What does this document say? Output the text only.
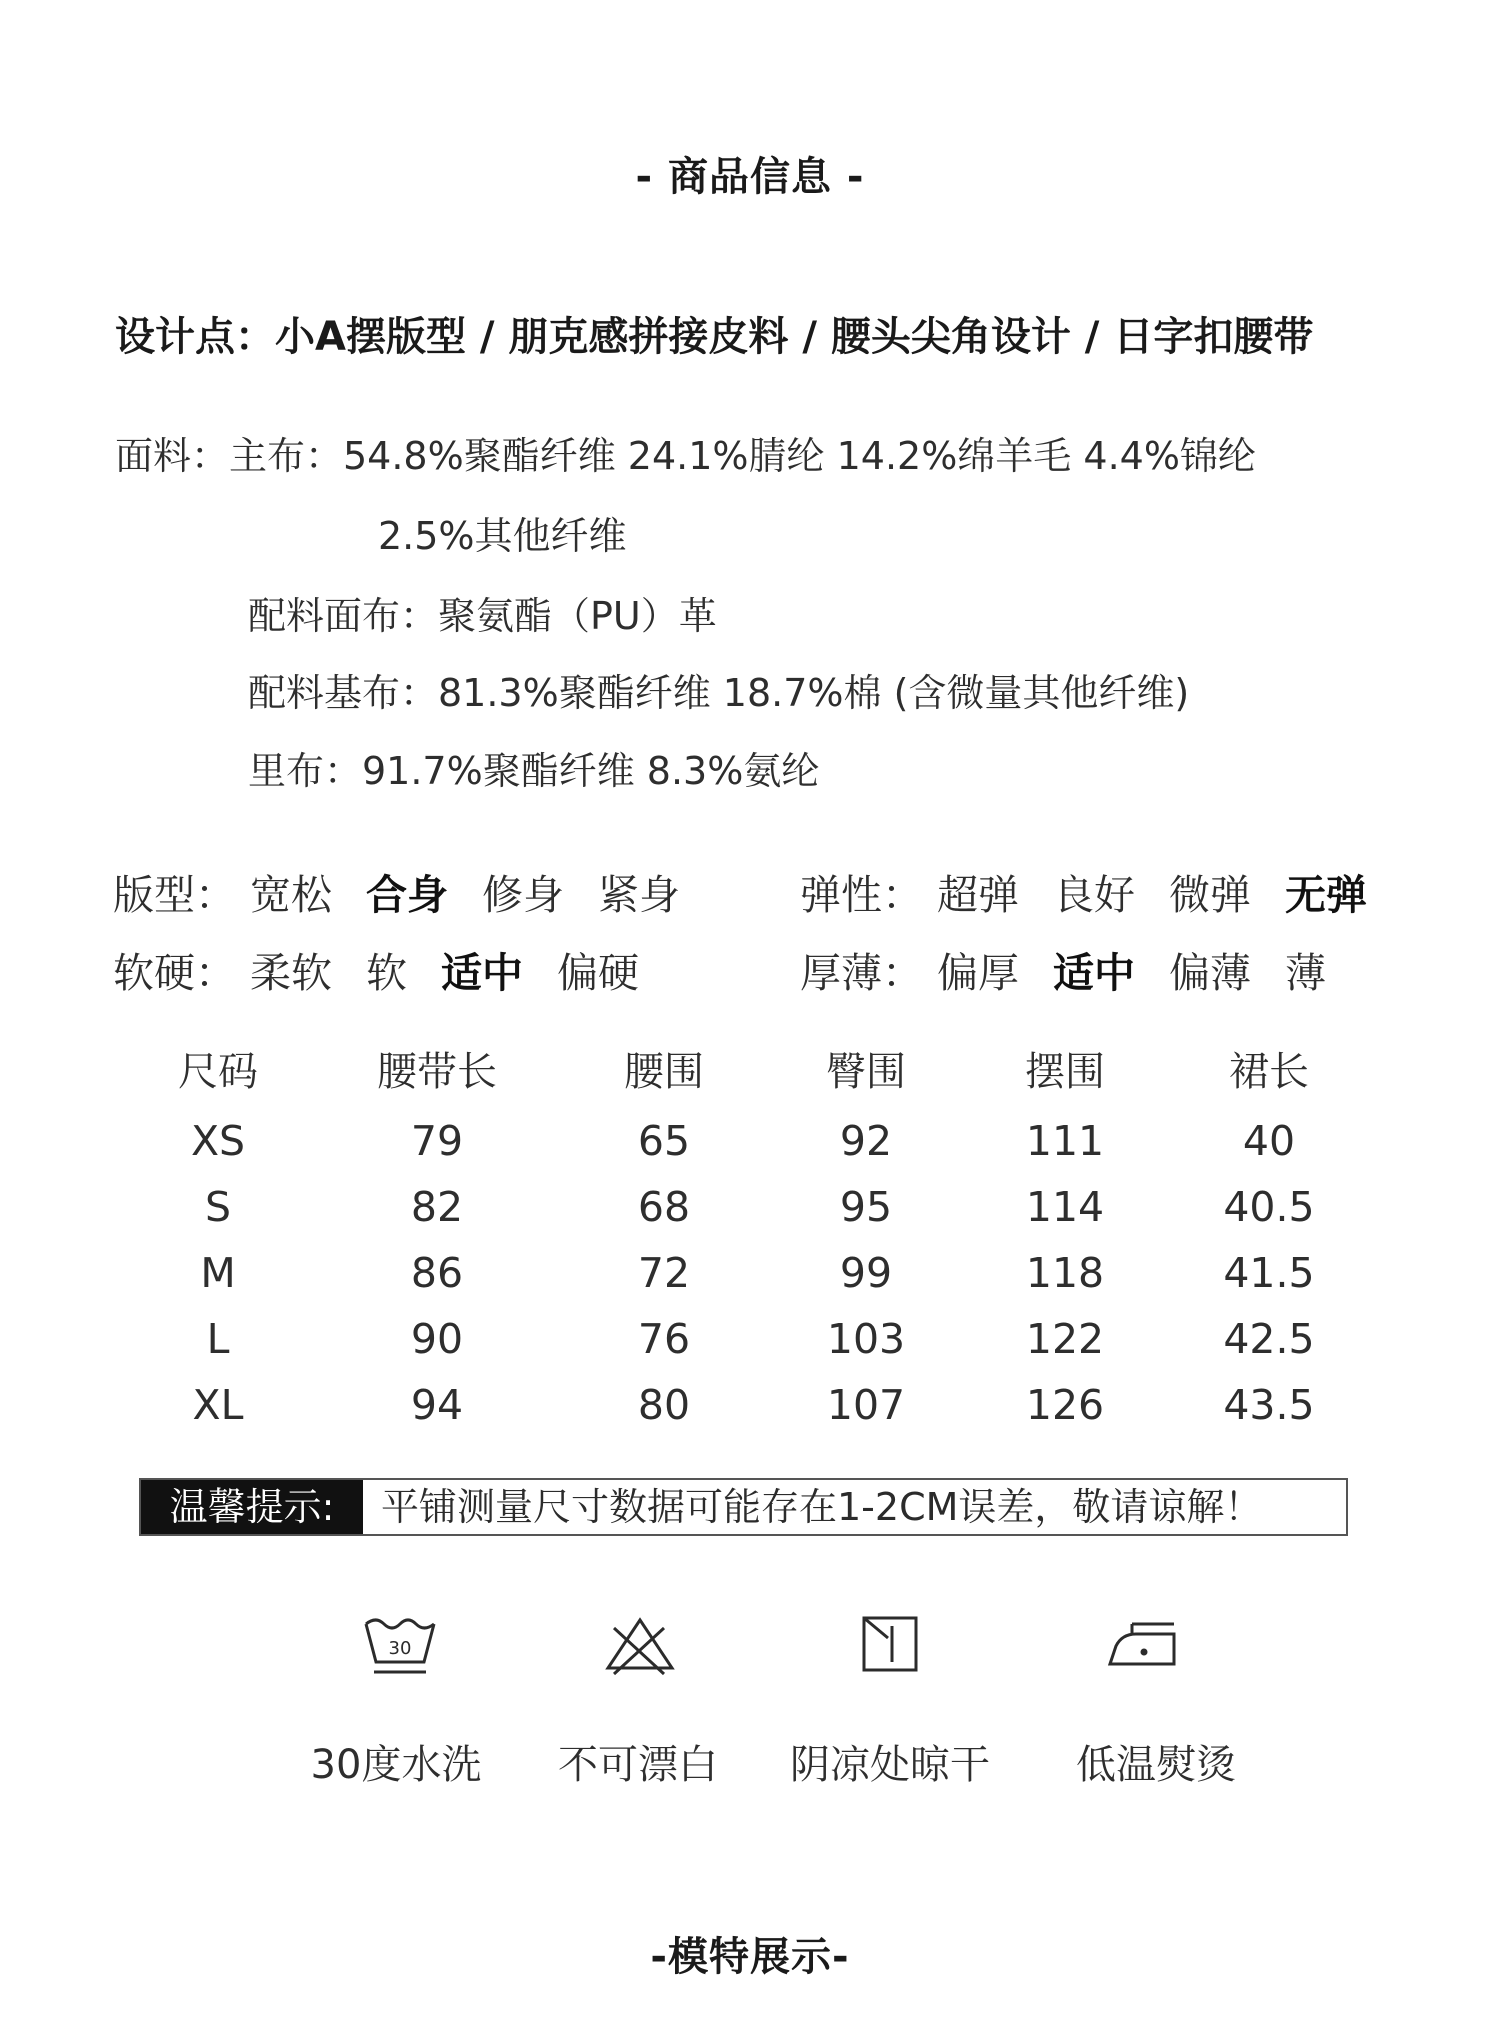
- 商品信息 -
设计点：小A摆版型 / 朋克感拼接皮料 / 腰头尖角设计 / 日字扣腰带
面料：主布：54.8%聚酯纤维 24.1%腈纶 14.2%绵羊毛 4.4%锦纶
2.5%其他纤维
配料面布：聚氨酯（PU）革
配料基布：81.3%聚酯纤维 18.7%棉 (含微量其他纤维)
里布：91.7%聚酯纤维 8.3%氨纶
版型： 宽松 合身 修身 紧身	弹性： 超弹 良好 微弹 无弹
软硬： 柔软 软 适中 偏硬	厚薄： 偏厚 适中 偏薄 薄
尺码	腰带长	腰围	臀围	摆围	裙长
XS	79	65	92	111	40
S	82	68	95	114	40.5
M	86	72	99	118	41.5
L	90	76	103	122	42.5
XL	94	80	107	126	43.5
温馨提示:	平铺测量尺寸数据可能存在1-2CM误差，敬请谅解！
30
30度水洗 不可漂白 阴凉处晾干 低温熨烫
-模特展示-
